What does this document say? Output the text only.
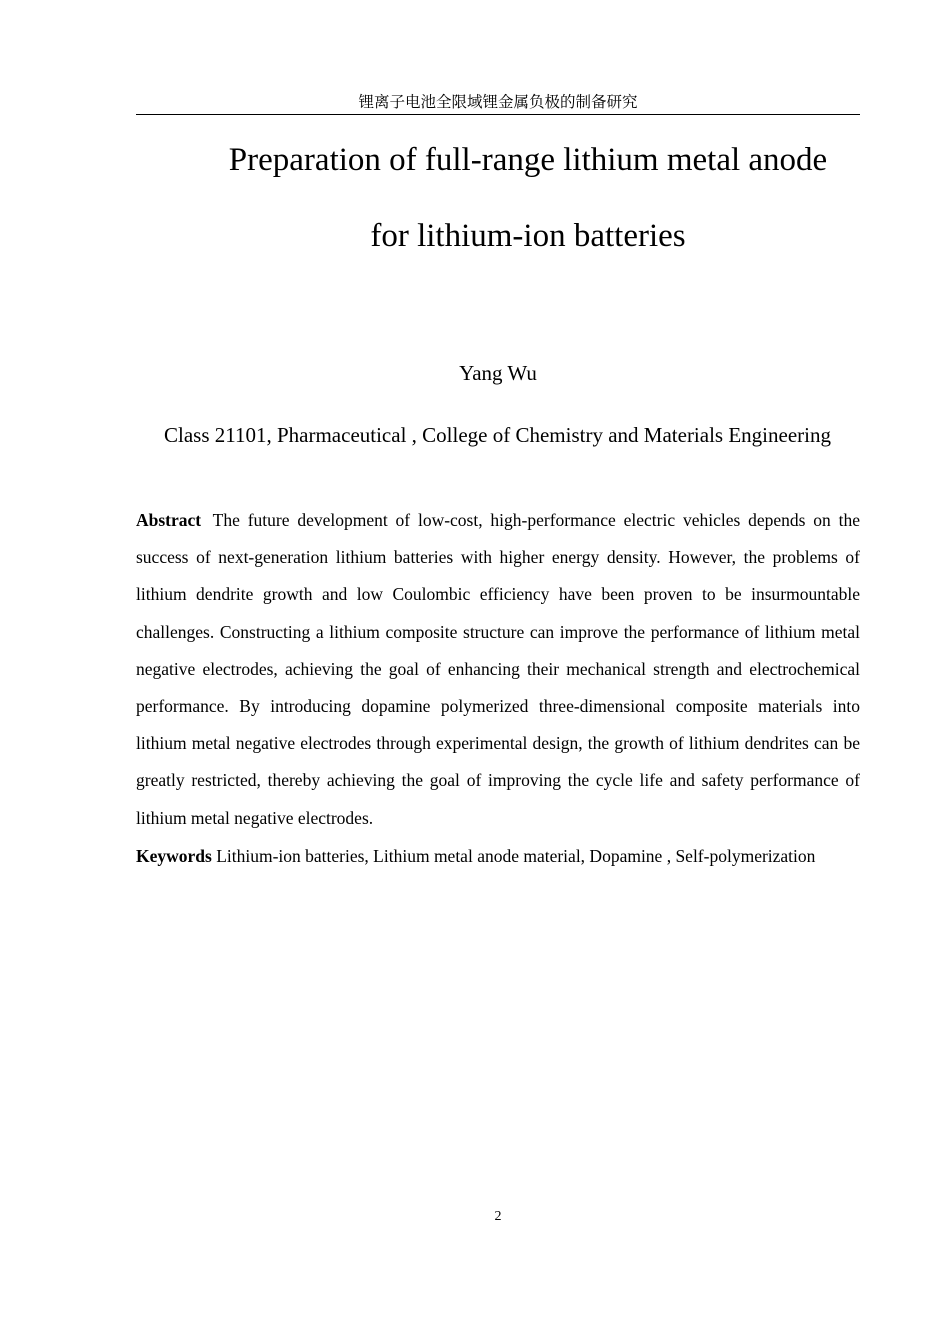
锂离子电池全限域锂金属负极的制备研究
Preparation of full-range lithium metal anode
for lithium-ion batteries
Yang Wu
Class 21101, Pharmaceutical , College of Chemistry and Materials Engineering

Abstract The future development of low-cost, high-performance electric vehicles depends on the success of next-generation lithium batteries with higher energy density. However, the problems of lithium dendrite growth and low Coulombic efficiency have been proven to be insurmountable challenges. Constructing a lithium composite structure can improve the performance of lithium metal negative electrodes, achieving the goal of enhancing their mechanical strength and electrochemical performance. By introducing dopamine polymerized three-dimensional composite materials into lithium metal negative electrodes through experimental design, the growth of lithium dendrites can be greatly restricted, thereby achieving the goal of improving the cycle life and safety performance of lithium metal negative electrodes.

Keywords Lithium-ion batteries, Lithium metal anode material, Dopamine , Self-polymerization

2
